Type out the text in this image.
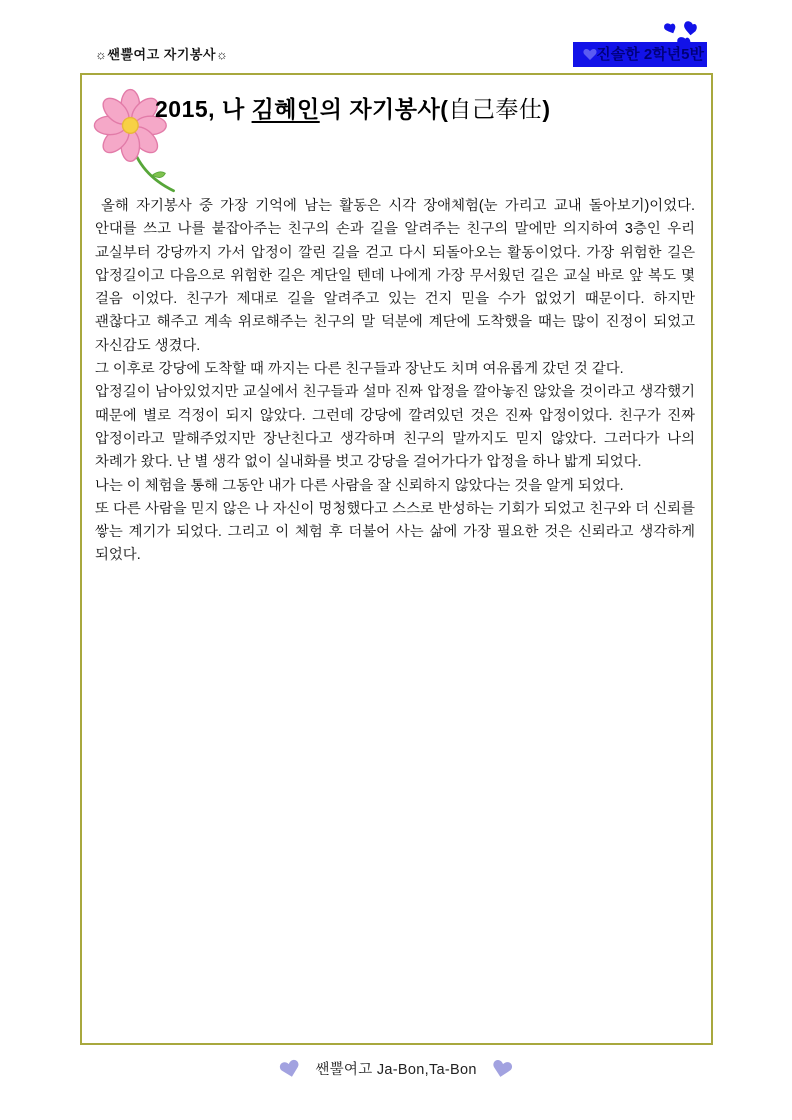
☼쌘뿔여고 자기봉사☼	진솔한 2학년5반
2015, 나 김혜인의 자기봉사(自己奉仕)

올해 자기봉사 중 가장 기억에 남는 활동은 시각 장애체험(눈 가리고 교내 돌아보기)이었다. 안대를 쓰고 나를 붙잡아주는 친구의 손과 길을 알려주는 친구의 말에만 의지하여 3층인 우리 교실부터 강당까지 가서 압정이 깔린 길을 걷고 다시 되돌아오는 활동이었다. 가장 위험한 길은 압정길이고 다음으로 위험한 길은 계단일 텐데 나에게 가장 무서웠던 길은 교실 바로 앞 복도 몇 걸음 이었다. 친구가 제대로 길을 알려주고 있는 건지 믿을 수가 없었기 때문이다. 하지만 괜찮다고 해주고 계속 위로해주는 친구의 말 덕분에 계단에 도착했을 때는 많이 진정이 되었고 자신감도 생겼다.

그 이후로 강당에 도착할 때 까지는 다른 친구들과 장난도 치며 여유롭게 갔던 것 같다.

압정길이 남아있었지만 교실에서 친구들과 설마 진짜 압정을 깔아놓진 않았을 것이라고 생각했기 때문에 별로 걱정이 되지 않았다. 그런데 강당에 깔려있던 것은 진짜 압정이었다. 친구가 진짜 압정이라고 말해주었지만 장난친다고 생각하며 친구의 말까지도 믿지 않았다. 그러다가 나의 차례가 왔다. 난 별 생각 없이 실내화를 벗고 강당을 걸어가다가 압정을 하나 밟게 되었다.

나는 이 체험을 통해 그동안 내가 다른 사람을 잘 신뢰하지 않았다는 것을 알게 되었다.

또 다른 사람을 믿지 않은 나 자신이 멍청했다고 스스로 반성하는 기회가 되었고 친구와 더 신뢰를 쌓는 계기가 되었다. 그리고 이 체험 후 더불어 사는 삶에 가장 필요한 것은 신뢰라고 생각하게 되었다.

쌘뿔여고 Ja-Bon,Ta-Bon
